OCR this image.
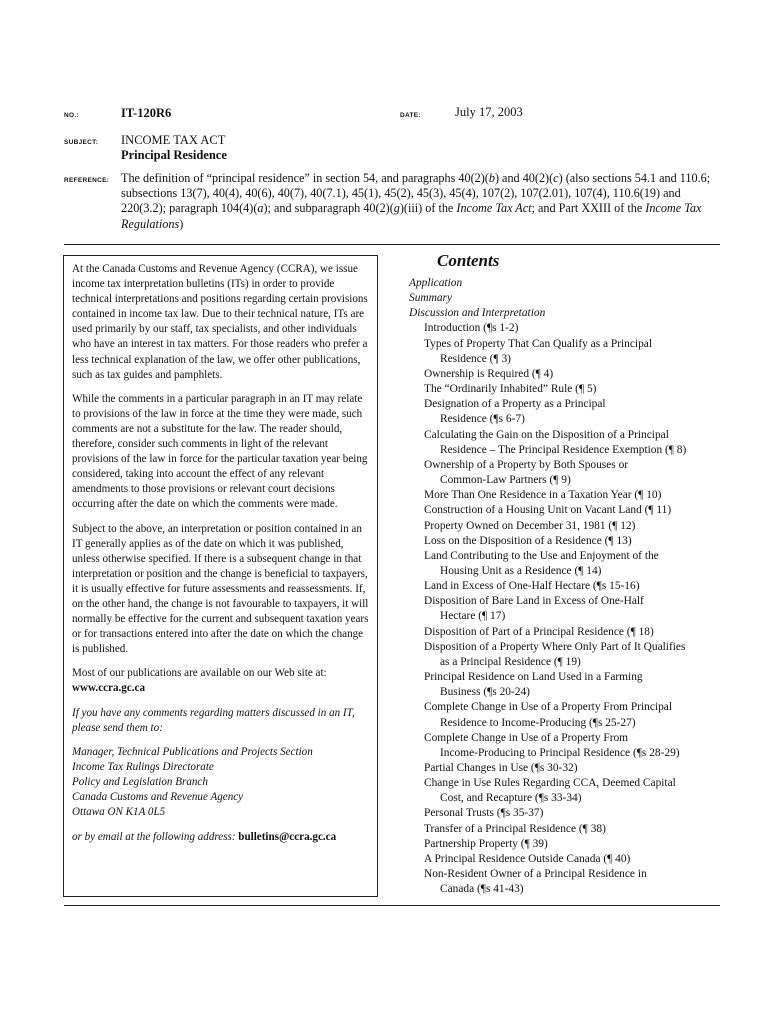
NO.:	IT-120R6	DATE:	July 17, 2003
SUBJECT: INCOME TAX ACT
Principal Residence
REFERENCE: The definition of “principal residence” in section 54, and paragraphs 40(2)(b) and 40(2)(c) (also sections 54.1 and 110.6; subsections 13(7), 40(4), 40(6), 40(7), 40(7.1), 45(1), 45(2), 45(3), 45(4), 107(2), 107(2.01), 107(4), 110.6(19) and 220(3.2); paragraph 104(4)(a); and subparagraph 40(2)(g)(iii) of the Income Tax Act; and Part XXIII of the Income Tax Regulations)

At the Canada Customs and Revenue Agency (CCRA), we issue income tax interpretation bulletins (ITs) in order to provide technical interpretations and positions regarding certain provisions contained in income tax law. Due to their technical nature, ITs are used primarily by our staff, tax specialists, and other individuals who have an interest in tax matters. For those readers who prefer a less technical explanation of the law, we offer other publications, such as tax guides and pamphlets.

While the comments in a particular paragraph in an IT may relate to provisions of the law in force at the time they were made, such comments are not a substitute for the law. The reader should, therefore, consider such comments in light of the relevant provisions of the law in force for the particular taxation year being considered, taking into account the effect of any relevant amendments to those provisions or relevant court decisions occurring after the date on which the comments were made.

Subject to the above, an interpretation or position contained in an IT generally applies as of the date on which it was published, unless otherwise specified. If there is a subsequent change in that interpretation or position and the change is beneficial to taxpayers, it is usually effective for future assessments and reassessments. If, on the other hand, the change is not favourable to taxpayers, it will normally be effective for the current and subsequent taxation years or for transactions entered into after the date on which the change is published.

Most of our publications are available on our Web site at:
www.ccra.gc.ca

If you have any comments regarding matters discussed in an IT, please send them to:

Manager, Technical Publications and Projects Section
Income Tax Rulings Directorate
Policy and Legislation Branch
Canada Customs and Revenue Agency
Ottawa ON K1A 0L5

or by email at the following address: bulletins@ccra.gc.ca

Contents
Application
Summary
Discussion and Interpretation
Introduction (¶s 1-2)
Types of Property That Can Qualify as a Principal
Residence (¶ 3)
Ownership is Required (¶ 4)
The “Ordinarily Inhabited” Rule (¶ 5)
Designation of a Property as a Principal
Residence (¶s 6-7)
Calculating the Gain on the Disposition of a Principal
Residence – The Principal Residence Exemption (¶ 8)
Ownership of a Property by Both Spouses or
Common-Law Partners (¶ 9)
More Than One Residence in a Taxation Year (¶ 10)
Construction of a Housing Unit on Vacant Land (¶ 11)
Property Owned on December 31, 1981 (¶ 12)
Loss on the Disposition of a Residence (¶ 13)
Land Contributing to the Use and Enjoyment of the
Housing Unit as a Residence (¶ 14)
Land in Excess of One-Half Hectare (¶s 15-16)
Disposition of Bare Land in Excess of One-Half
Hectare (¶ 17)
Disposition of Part of a Principal Residence (¶ 18)
Disposition of a Property Where Only Part of It Qualifies
as a Principal Residence (¶ 19)
Principal Residence on Land Used in a Farming
Business (¶s 20-24)
Complete Change in Use of a Property From Principal
Residence to Income-Producing (¶s 25-27)
Complete Change in Use of a Property From
Income-Producing to Principal Residence (¶s 28-29)
Partial Changes in Use (¶s 30-32)
Change in Use Rules Regarding CCA, Deemed Capital
Cost, and Recapture (¶s 33-34)
Personal Trusts (¶s 35-37)
Transfer of a Principal Residence (¶ 38)
Partnership Property (¶ 39)
A Principal Residence Outside Canada (¶ 40)
Non-Resident Owner of a Principal Residence in
Canada (¶s 41-43)
